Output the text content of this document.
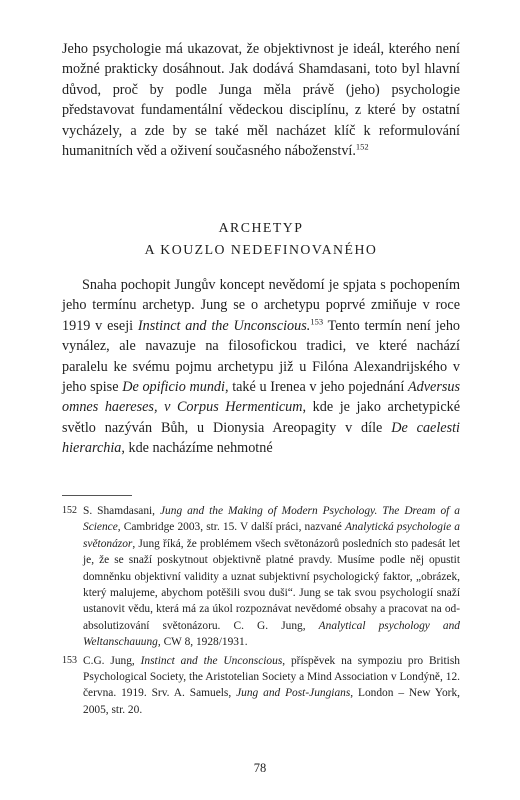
Jeho psychologie má ukazovat, že objektivnost je ideál, kterého není možné prakticky dosáhnout. Jak dodává Shamdasani, toto byl hlavní důvod, proč by podle Junga měla právě (jeho) psychologie představovat fundamentální vědeckou disciplínu, z které by ostatní vycházely, a zde by se také měl nacházet klíč k reformulování humanitních věd a oživení současného náboženství.$^{152}$

ARCHETYP
A KOUZLO NEDEFINOVANÉHO

Snaha pochopit Jungův koncept nevědomí je spjata s pochopením jeho termínu archetyp. Jung se o archetypu poprvé zmiňuje v roce 1919 v eseji Instinct and the Unconscious.$^{153}$ Tento termín není jeho vynález, ale navazuje na filosofickou tradici, ve které nachází paralelu ke svému pojmu archetypu již u Filóna Alexandrijského v jeho spise De opificio mundi, také u Irenea v jeho pojednání Adversus omnes haereses, v Corpus Hermenticum, kde je jako archetypické světlo nazýván Bůh, u Dionysia Areopagity v díle De caelesti hierarchia, kde nacházíme nehmotné

152 S. Shamdasani, Jung and the Making of Modern Psychology. The Dream of a Science, Cambridge 2003, str. 15. V další práci, nazvané Analytická psychologie a světonázor, Jung říká, že problémem všech světonázorů posledních sto padesát let je, že se snaží poskytnout objektivně platné pravdy. Musíme podle něj opustit domněnku objektivní validity a uznat subjektivní psychologický faktor, „obrázek, který malujeme, abychom potěšili svou duši“. Jung se tak svou psychologií snaží ustanovit vědu, která má za úkol rozpoznávat nevědomé obsahy a pracovat na od-absolutizování světonázoru. C. G. Jung, Analytical psychology and Weltanschauung, CW 8, 1928/1931.
153 C.G. Jung, Instinct and the Unconscious, příspěvek na sympoziu pro British Psychological Society, the Aristotelian Society a Mind Association v Londýně, 12. června. 1919. Srv. A. Samuels, Jung and Post-Jungians, London – New York, 2005, str. 20.
78
